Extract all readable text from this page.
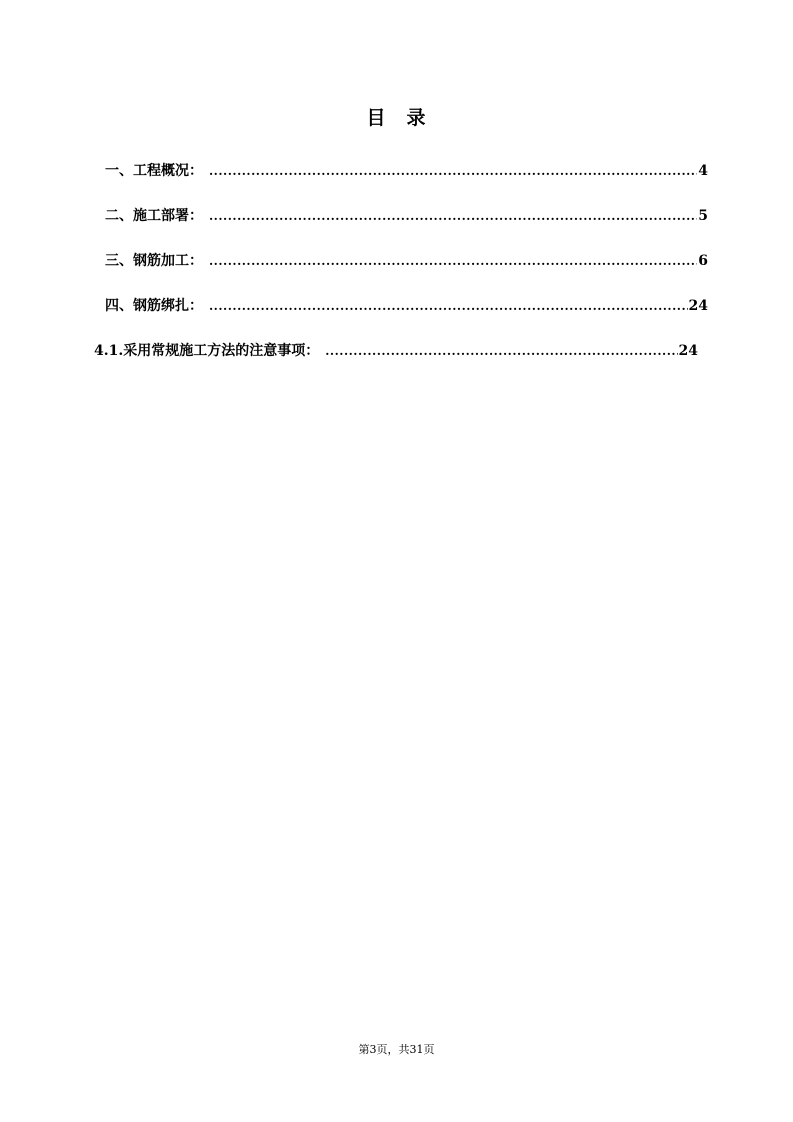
目　录
一、工程概况： .....	4
二、施工部署： .....	5
三、钢筋加工： .....	6
四、钢筋绑扎： .....	24
4.1.采用常规施工方法的注意事项： .....	24
第3页，共31页
